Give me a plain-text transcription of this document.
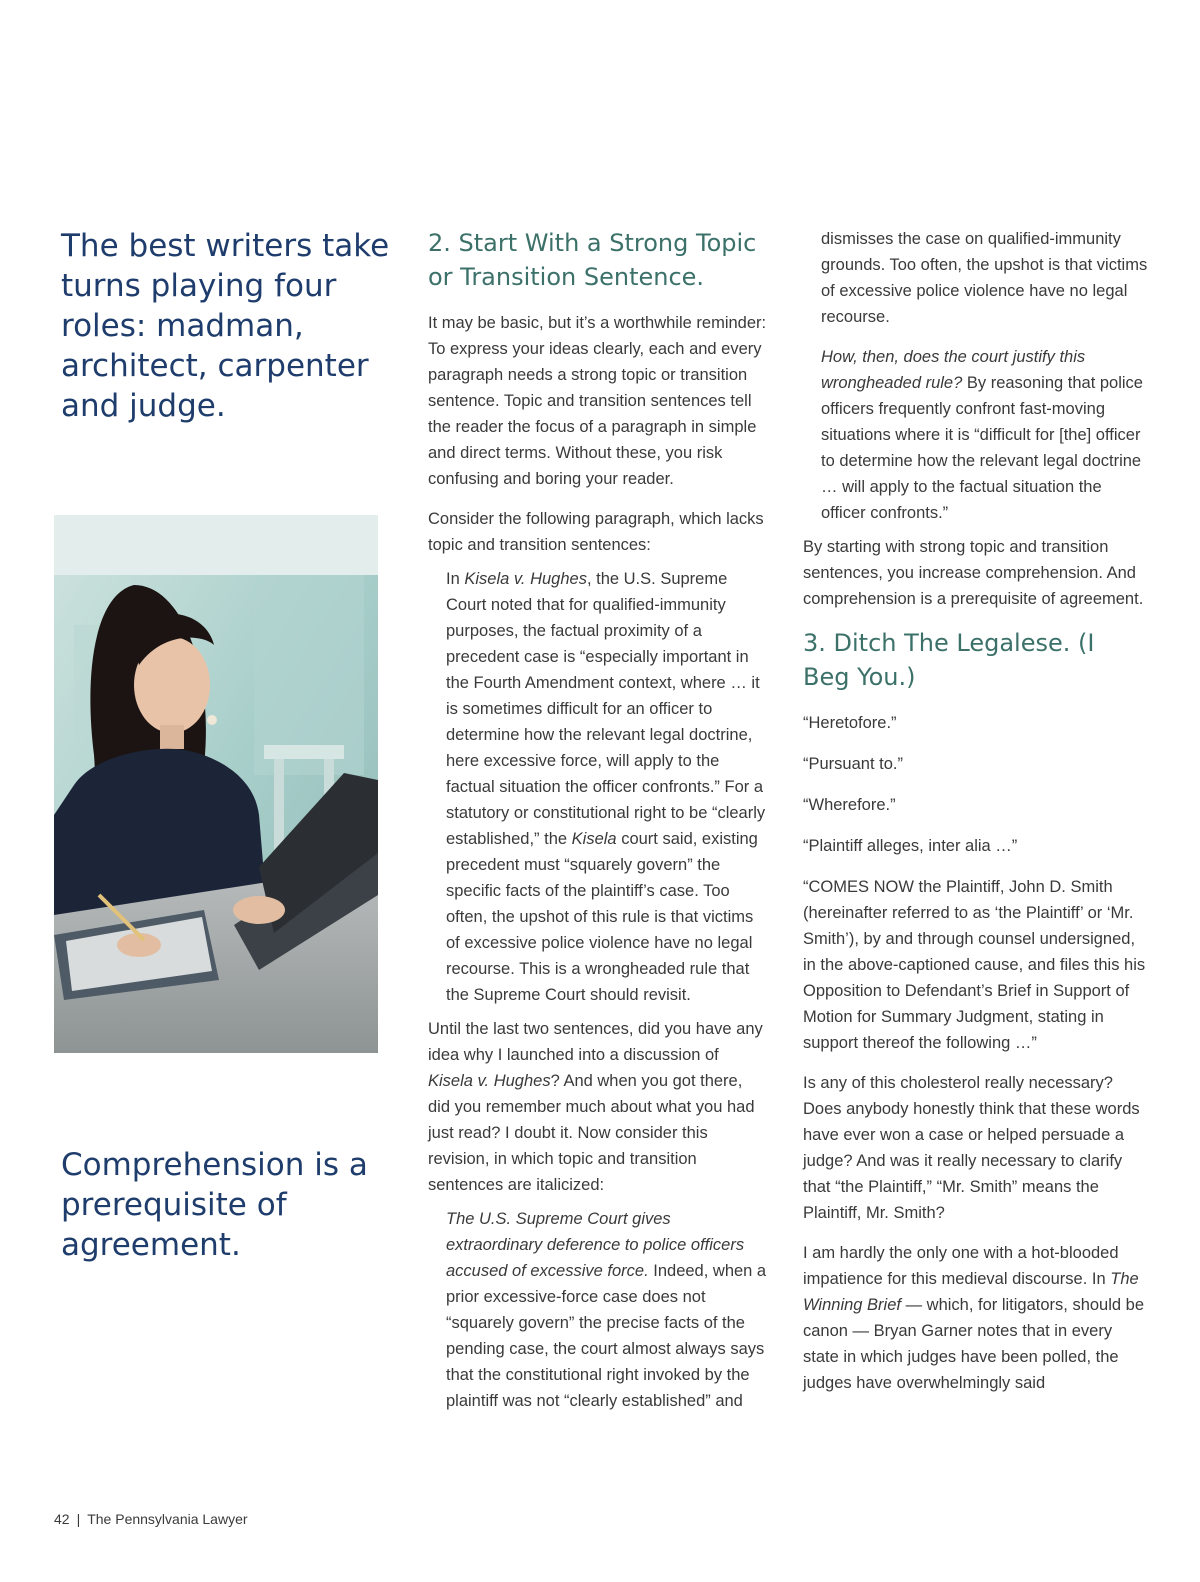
The best writers take turns playing four roles: madman, architect, carpenter and judge.
Comprehension is a prerequisite of agreement.
2. Start With a Strong Topic or Transition Sentence.

It may be basic, but it’s a worthwhile reminder: To express your ideas clearly, each and every paragraph needs a strong topic or transition sentence. Topic and transition sentences tell the reader the focus of a paragraph in simple and direct terms. Without these, you risk confusing and boring your reader.

Consider the following paragraph, which lacks topic and transition sentences:

In Kisela v. Hughes, the U.S. Supreme Court noted that for qualified-immunity purposes, the factual proximity of a precedent case is “especially important in the Fourth Amendment context, where … it is sometimes difficult for an officer to determine how the relevant legal doctrine, here excessive force, will apply to the factual situation the officer confronts.” For a statutory or constitutional right to be “clearly established,” the Kisela court said, existing precedent must “squarely govern” the specific facts of the plaintiff’s case. Too often, the upshot of this rule is that victims of excessive police violence have no legal recourse. This is a wrongheaded rule that the Supreme Court should revisit.

Until the last two sentences, did you have any idea why I launched into a discussion of Kisela v. Hughes? And when you got there, did you remember much about what you had just read? I doubt it. Now consider this revision, in which topic and transition sentences are italicized:

The U.S. Supreme Court gives extraordinary deference to police officers accused of excessive force. Indeed, when a prior excessive-force case does not “squarely govern” the precise facts of the pending case, the court almost always says that the constitutional right invoked by the plaintiff was not “clearly established” and

dismisses the case on qualified-immunity grounds. Too often, the upshot is that victims of excessive police violence have no legal recourse.

How, then, does the court justify this wrongheaded rule? By reasoning that police officers frequently confront fast-moving situations where it is “difficult for [the] officer to determine how the relevant legal doctrine … will apply to the factual situation the officer confronts.”

By starting with strong topic and transition sentences, you increase comprehension. And comprehension is a prerequisite of agreement.

3. Ditch The Legalese. (I Beg You.)

“Heretofore.”

“Pursuant to.”

“Wherefore.”

“Plaintiff alleges, inter alia …”

“COMES NOW the Plaintiff, John D. Smith (hereinafter referred to as ‘the Plaintiff’ or ‘Mr. Smith’), by and through counsel undersigned, in the above-captioned cause, and files this his Opposition to Defendant’s Brief in Support of Motion for Summary Judgment, stating in support thereof the following …”

Is any of this cholesterol really necessary? Does anybody honestly think that these words have ever won a case or helped persuade a judge? And was it really necessary to clarify that “the Plaintiff,” “Mr. Smith” means the Plaintiff, Mr. Smith?

I am hardly the only one with a hot-blooded impatience for this medieval discourse. In The Winning Brief — which, for litigators, should be canon — Bryan Garner notes that in every state in which judges have been polled, the judges have overwhelmingly said

42 | The Pennsylvania Lawyer
